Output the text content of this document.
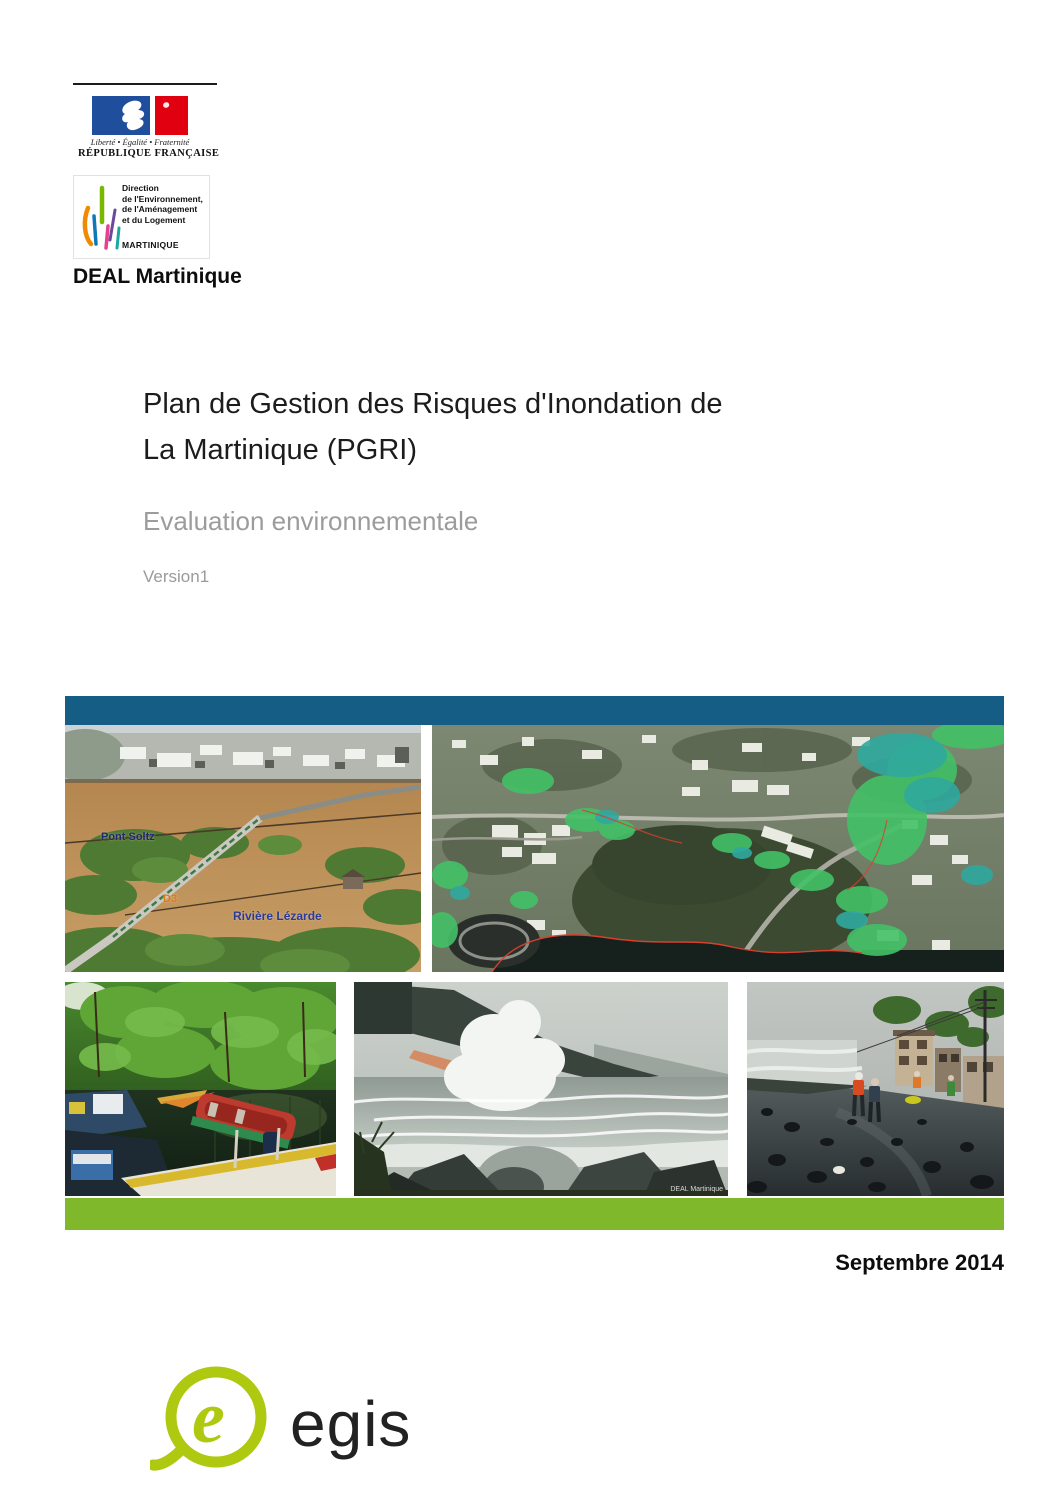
Liberté • Égalité • Fraternité
RÉPUBLIQUE FRANÇAISE
Direction
de l'Environnement,
de l'Aménagement
et du Logement
MARTINIQUE
DEAL Martinique
Plan de Gestion des Risques d'Inondation de
La Martinique (PGRI)
Evaluation environnementale
Version1
Pont Soltz
D3
Rivière Lézarde
DEAL Martinique
Septembre 2014
e egis
